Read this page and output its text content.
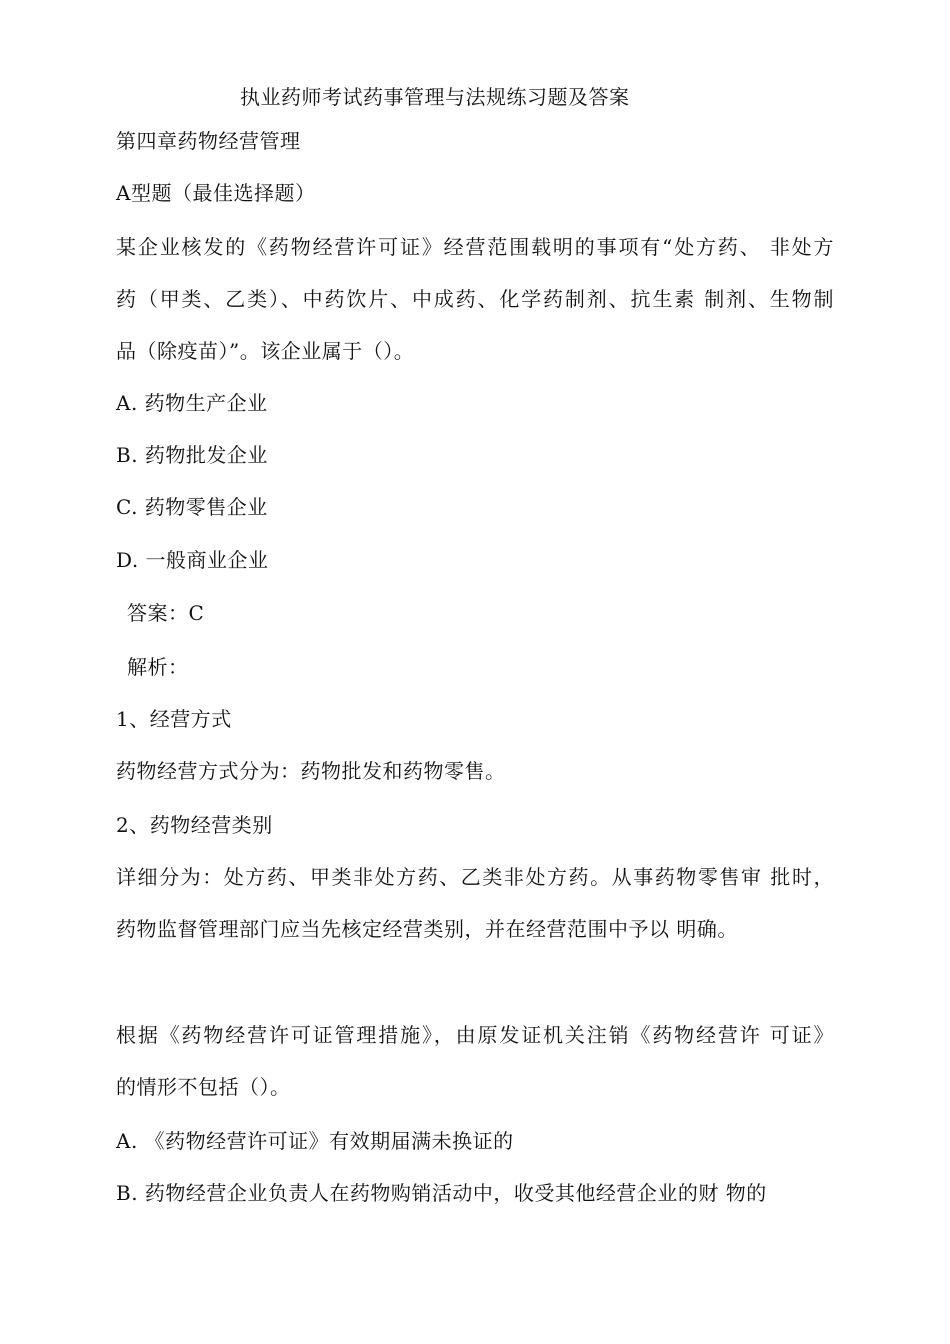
执业药师考试药事管理与法规练习题及答案
第四章药物经营管理
A型题（最佳选择题）
某企业核发的《药物经营许可证》经营范围载明的事项有“处方药、 非处方
药（甲类、乙类）、中药饮片、中成药、化学药制剂、抗生素 制剂、生物制
品（除疫苗）”。该企业属于（）。
A. 药物生产企业
B. 药物批发企业
C. 药物零售企业
D. 一般商业企业
答案：C
解析：
1、经营方式
药物经营方式分为：药物批发和药物零售。
2、药物经营类别
详细分为：处方药、甲类非处方药、乙类非处方药。从事药物零售审 批时，
药物监督管理部门应当先核定经营类别，并在经营范围中予以 明确。
根据《药物经营许可证管理措施》，由原发证机关注销《药物经营许 可证》
的情形不包括（）。
A. 《药物经营许可证》有效期届满未换证的
B. 药物经营企业负责人在药物购销活动中，收受其他经营企业的财 物的
